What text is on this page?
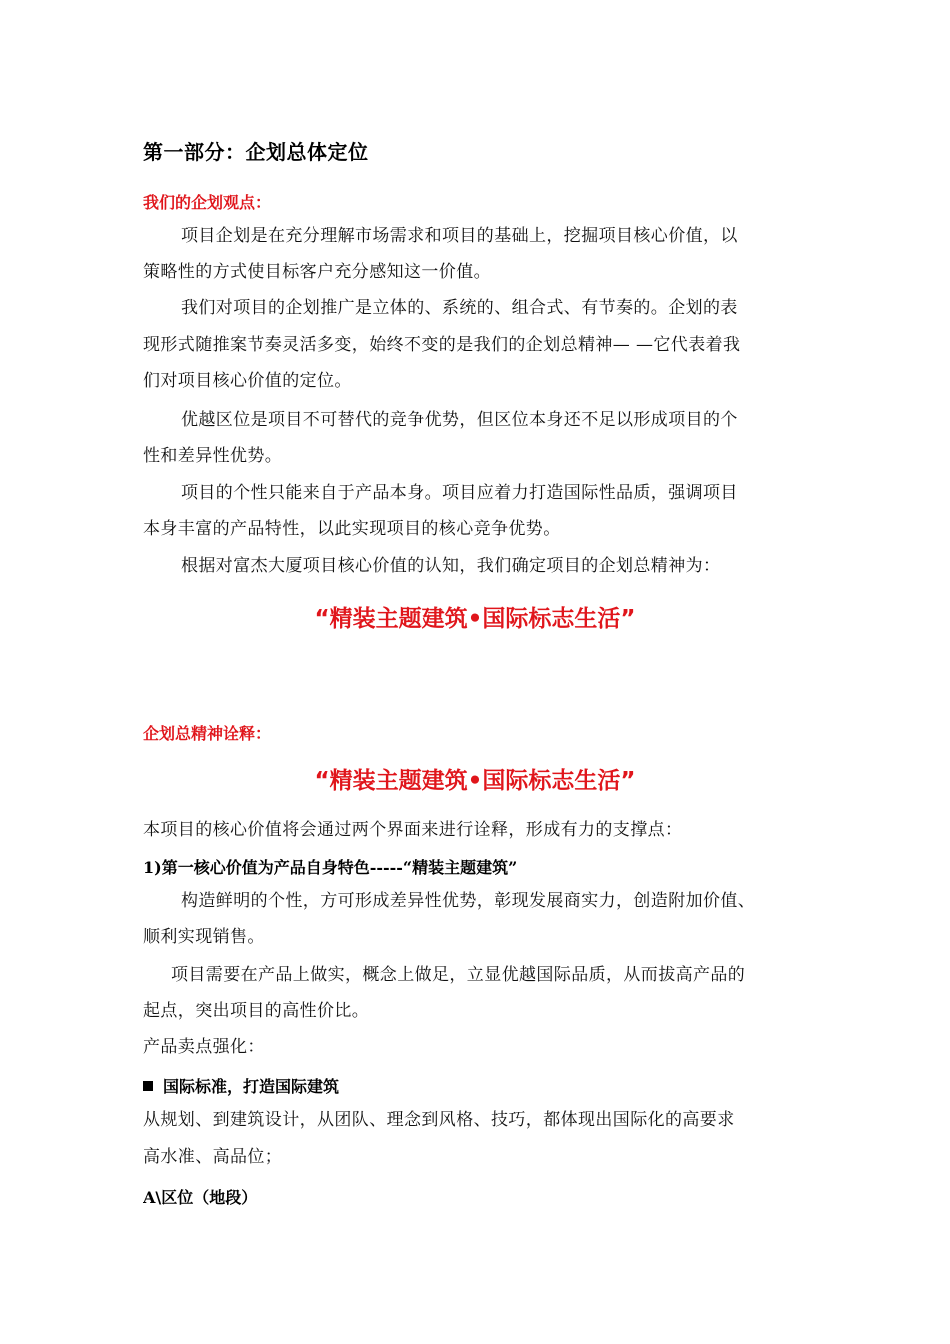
第一部分：企划总体定位
我们的企划观点：
项目企划是在充分理解市场需求和项目的基础上，挖掘项目核心价值，以
策略性的方式使目标客户充分感知这一价值。
我们对项目的企划推广是立体的、系统的、组合式、有节奏的。企划的表
现形式随推案节奏灵活多变，始终不变的是我们的企划总精神— —它代表着我
们对项目核心价值的定位。
优越区位是项目不可替代的竞争优势，但区位本身还不足以形成项目的个
性和差异性优势。
项目的个性只能来自于产品本身。项目应着力打造国际性品质，强调项目
本身丰富的产品特性，以此实现项目的核心竞争优势。
根据对富杰大厦项目核心价值的认知，我们确定项目的企划总精神为：
“精装主题建筑•国际标志生活”
企划总精神诠释：
“精装主题建筑•国际标志生活”
本项目的核心价值将会通过两个界面来进行诠释，形成有力的支撑点：
1)第一核心价值为产品自身特色-----“精装主题建筑”
构造鲜明的个性，方可形成差异性优势，彰现发展商实力，创造附加价值、
顺利实现销售。
项目需要在产品上做实，概念上做足，立显优越国际品质，从而拔高产品的
起点，突出项目的高性价比。
产品卖点强化：
国际标准，打造国际建筑
从规划、到建筑设计，从团队、理念到风格、技巧，都体现出国际化的高要求
高水准、高品位；
A\区位（地段）
